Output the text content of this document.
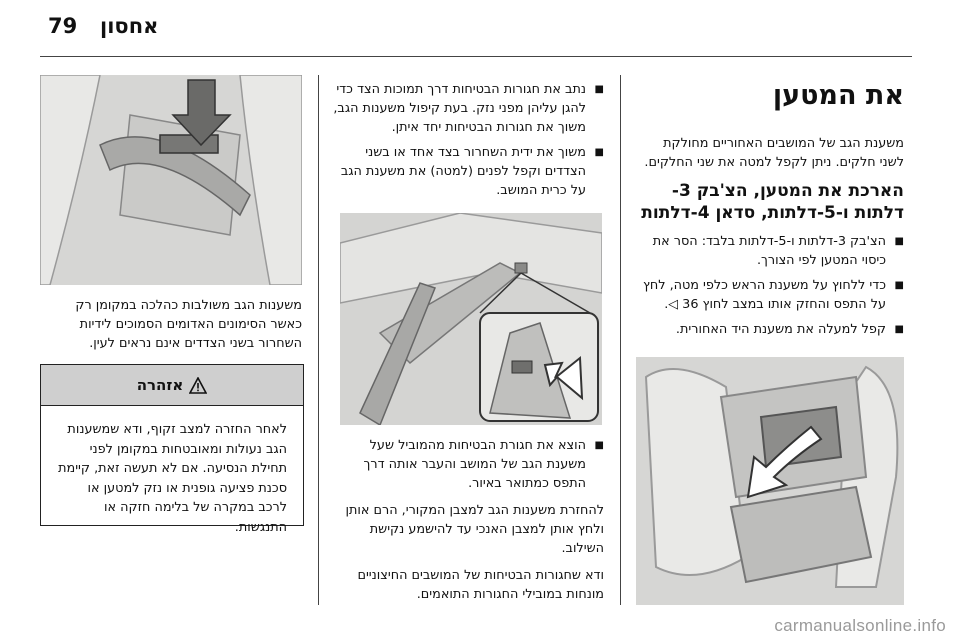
79 אחסון
את המטען

משענת הגב של המושבים האחוריים מחולקת לשני חלקים. ניתן לקפל למטה את שני החלקים.

הארכת את המטען, הצ'בק 3-דלתות ו-5-דלתות, סדאן 4-דלתות
■ הצ'בק 3-דלתות ו-5-דלתות בלבד: הסר את כיסוי המטען לפי הצורך.
■ כדי ללחוץ על משענת הראש כלפי מטה, לחץ על התפס והחזק אותו במצב לחוץ 36 ◁.
■ קפל למעלה את משענת היד האחורית.
■ נתב את חגורות הבטיחות דרך תמוכות הצד כדי להגן עליהן מפני נזק. בעת קיפול משענות הגב, משוך את חגורות הבטיחות יחד איתן.
■ משוך את ידית השחרור בצד אחד או בשני הצדדים וקפל לפנים (למטה) את משענת הגב על כרית המושב.
■ הוצא את חגורת הבטיחות מהמוביל שעל משענת הגב של המושב והעבר אותה דרך התפס כמתואר באיור.

להחזרת משענות הגב למצבן המקורי, הרם אותן ולחץ אותן למצבן האנכי עד להישמע נקישת השילוב.

ודא שחגורות הבטיחות של המושבים החיצוניים מונחות במובילי החגורות התואמים.

משענות הגב משולבות כהלכה במקומן רק כאשר הסימונים האדומים הסמוכים לידיות השחרור בשני הצדדים אינם נראים לעין.

אזהרה
לאחר החזרה למצב זקוף, ודא שמשענות הגב נעולות ומאובטחות במקומן לפני תחילת הנסיעה. אם לא תעשה זאת, קיימת סכנת פציעה גופנית או נזק למטען או לרכב במקרה של בלימה חזקה או התנגשות.
carmanualsonline.info
